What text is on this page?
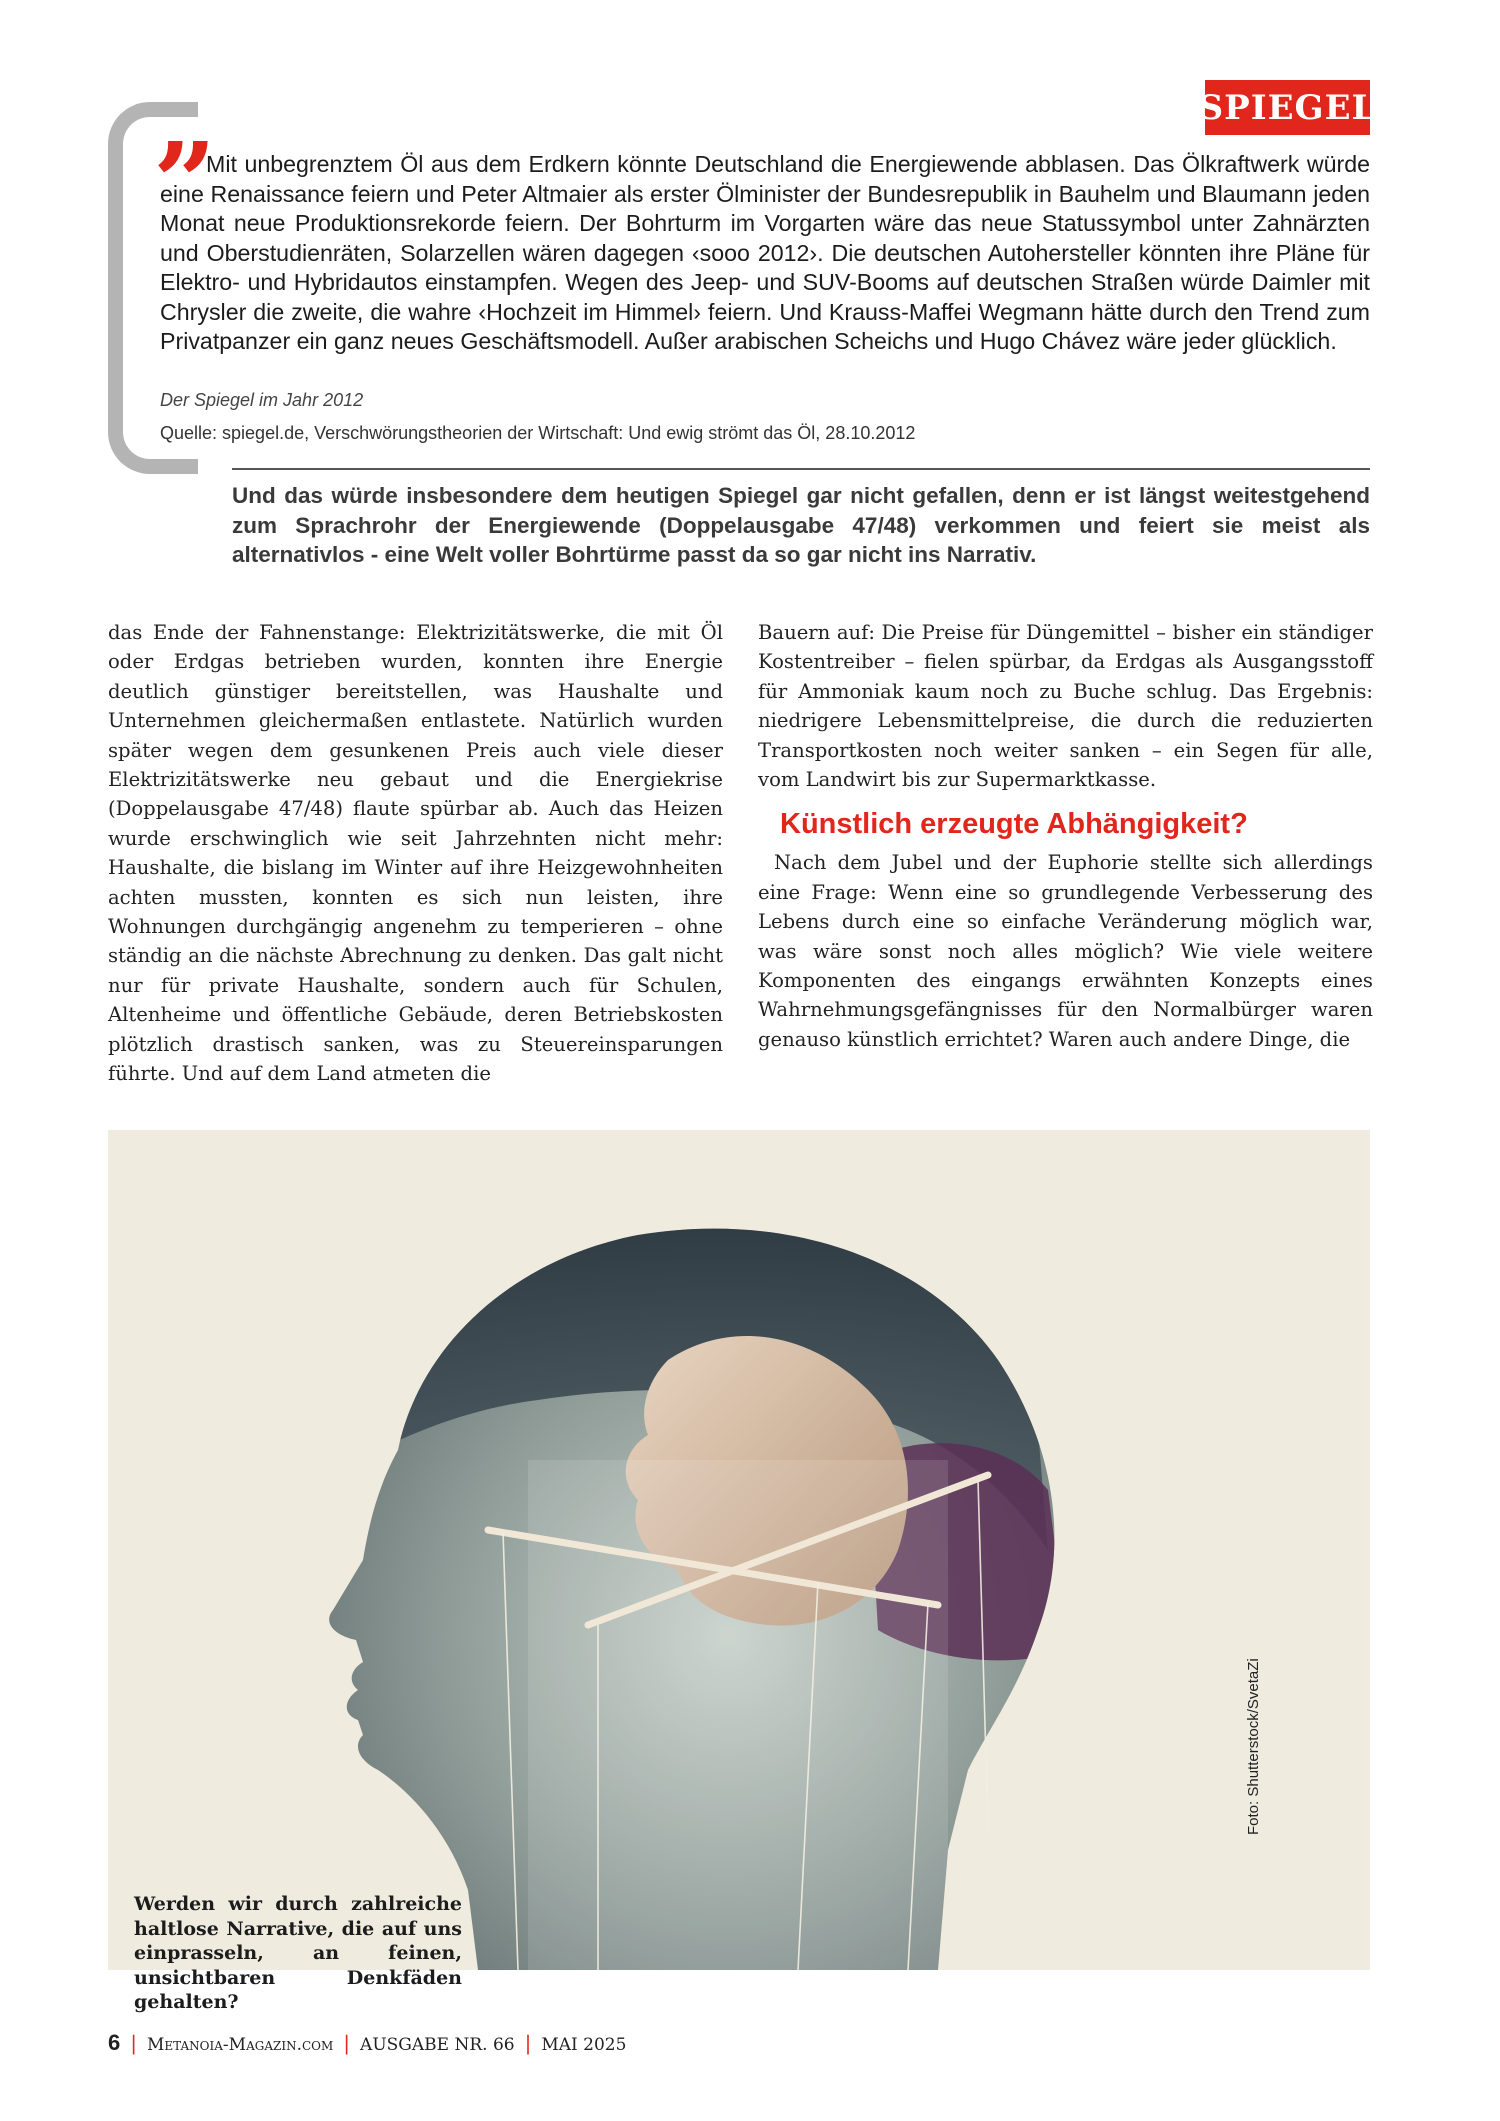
SPIEGEL
”

Mit unbegrenztem Öl aus dem Erdkern könnte Deutschland die Energiewende abblasen. Das Ölkraftwerk würde eine Renaissance feiern und Peter Altmaier als erster Ölminister der Bundesrepublik in Bauhelm und Blaumann jeden Monat neue Produktionsrekorde feiern. Der Bohrturm im Vorgarten wäre das neue Statussymbol unter Zahnärzten und Oberstudienräten, Solarzellen wären dagegen ‹sooo 2012›. Die deutschen Autohersteller könnten ihre Pläne für Elektro- und Hybridautos einstampfen. Wegen des Jeep- und SUV-Booms auf deutschen Straßen würde Daimler mit Chrysler die zweite, die wahre ‹Hochzeit im Himmel› feiern. Und Krauss-Maffei Wegmann hätte durch den Trend zum Privatpanzer ein ganz neues Geschäftsmodell. Außer arabischen Scheichs und Hugo Chávez wäre jeder glücklich.

Der Spiegel im Jahr 2012
Quelle: spiegel.de, Verschwörungstheorien der Wirtschaft: Und ewig strömt das Öl, 28.10.2012

Und das würde insbesondere dem heutigen Spiegel gar nicht gefallen, denn er ist längst weitestgehend zum Sprachrohr der Energiewende (Doppelausgabe 47/48) verkommen und feiert sie meist als alternativlos - eine Welt voller Bohrtürme passt da so gar nicht ins Narrativ.

das Ende der Fahnenstange: Elektrizitätswerke, die mit Öl oder Erdgas betrieben wurden, konnten ihre Energie deutlich günstiger bereitstellen, was Haushalte und Unternehmen gleichermaßen entlastete. Natürlich wurden später wegen dem gesunkenen Preis auch viele dieser Elektrizitätswerke neu gebaut und die Energiekrise (Doppelausgabe 47/48) flaute spürbar ab. Auch das Heizen wurde erschwinglich wie seit Jahrzehnten nicht mehr: Haushalte, die bislang im Winter auf ihre Heizgewohnheiten achten mussten, konnten es sich nun leisten, ihre Wohnungen durchgängig angenehm zu temperieren – ohne ständig an die nächste Abrechnung zu denken. Das galt nicht nur für private Haushalte, sondern auch für Schulen, Altenheime und öffentliche Gebäude, deren Betriebskosten plötzlich drastisch sanken, was zu Steuereinsparungen führte. Und auf dem Land atmeten die

Bauern auf: Die Preise für Düngemittel – bisher ein ständiger Kostentreiber – fielen spürbar, da Erdgas als Ausgangsstoff für Ammoniak kaum noch zu Buche schlug. Das Ergebnis: niedrigere Lebensmittelpreise, die durch die reduzierten Transportkosten noch weiter sanken – ein Segen für alle, vom Landwirt bis zur Supermarktkasse.

Künstlich erzeugte Abhängigkeit?

Nach dem Jubel und der Euphorie stellte sich allerdings eine Frage: Wenn eine so grundlegende Verbesserung des Lebens durch eine so einfache Veränderung möglich war, was wäre sonst noch alles möglich? Wie viele weitere Komponenten des eingangs erwähnten Konzepts eines Wahrnehmungsgefängnisses für den Normalbürger waren genauso künstlich errichtet? Waren auch andere Dinge, die

Werden wir durch zahlreiche haltlose Narrative, die auf uns einprasseln, an feinen, unsichtbaren Denkfäden gehalten?

Foto: Shutterstock/SvetaZi
6 | Metanoia-Magazin.com | AUSGABE NR. 66 | MAI 2025
